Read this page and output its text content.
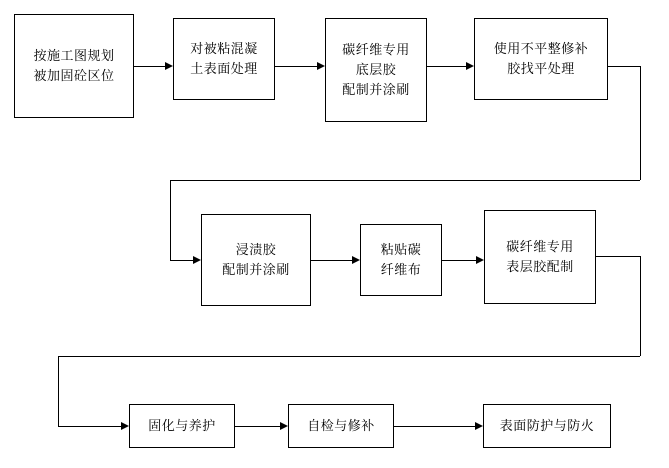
按施工图规划
被加固砼区位
对被粘混凝
土表面处理
碳纤维专用
底层胶
配制并涂刷
使用不平整修补
胶找平处理
浸渍胶
配制并涂刷
粘贴碳
纤维布
碳纤维专用
表层胶配制
固化与养护	自检与修补	表面防护与防火
